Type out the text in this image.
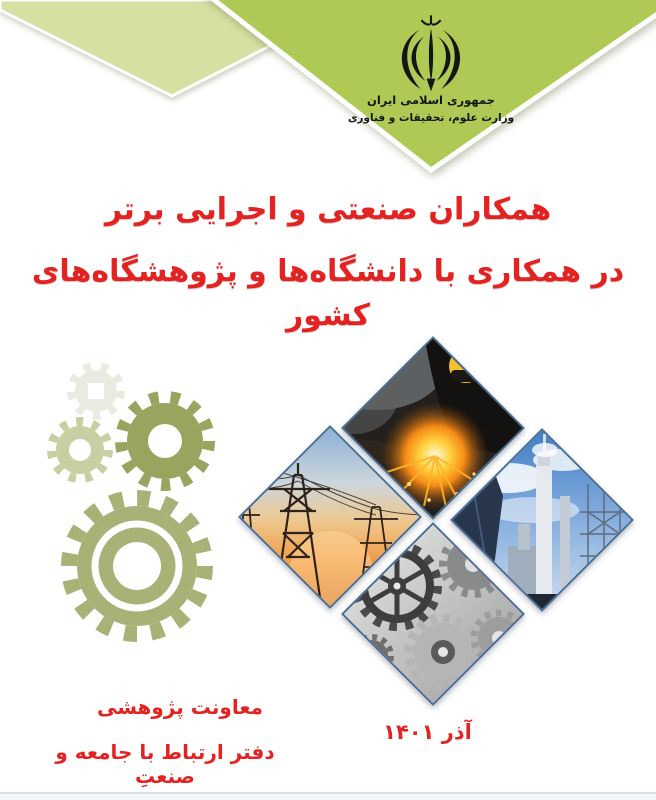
جمهوری اسلامی ایران
وزارت علوم، تحقیقات و فناوری
همکاران صنعتی و اجرایی برتر
در همکاری با دانشگاه‌ها و پژوهشگاه‌های کشور
معاونت پژوهشی
دفتر ارتباط با جامعه و صنعتِ
آذر ۱۴۰۱
